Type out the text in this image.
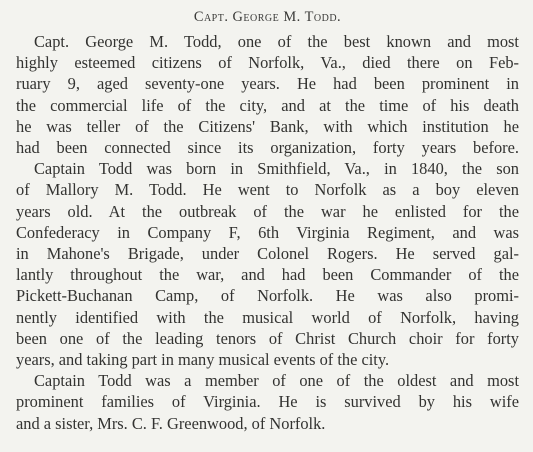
Capt. George M. Todd.
Capt. George M. Todd, one of the best known and most
highly esteemed citizens of Norfolk, Va., died there on Feb-
ruary 9, aged seventy-one years. He had been prominent in
the commercial life of the city, and at the time of his death
he was teller of the Citizens' Bank, with which institution he
had been connected since its organization, forty years before.
Captain Todd was born in Smithfield, Va., in 1840, the son
of Mallory M. Todd. He went to Norfolk as a boy eleven
years old. At the outbreak of the war he enlisted for the
Confederacy in Company F, 6th Virginia Regiment, and was
in Mahone's Brigade, under Colonel Rogers. He served gal-
lantly throughout the war, and had been Commander of the
Pickett-Buchanan Camp, of Norfolk. He was also promi-
nently identified with the musical world of Norfolk, having
been one of the leading tenors of Christ Church choir for forty
years, and taking part in many musical events of the city.
Captain Todd was a member of one of the oldest and most
prominent families of Virginia. He is survived by his wife
and a sister, Mrs. C. F. Greenwood, of Norfolk.
